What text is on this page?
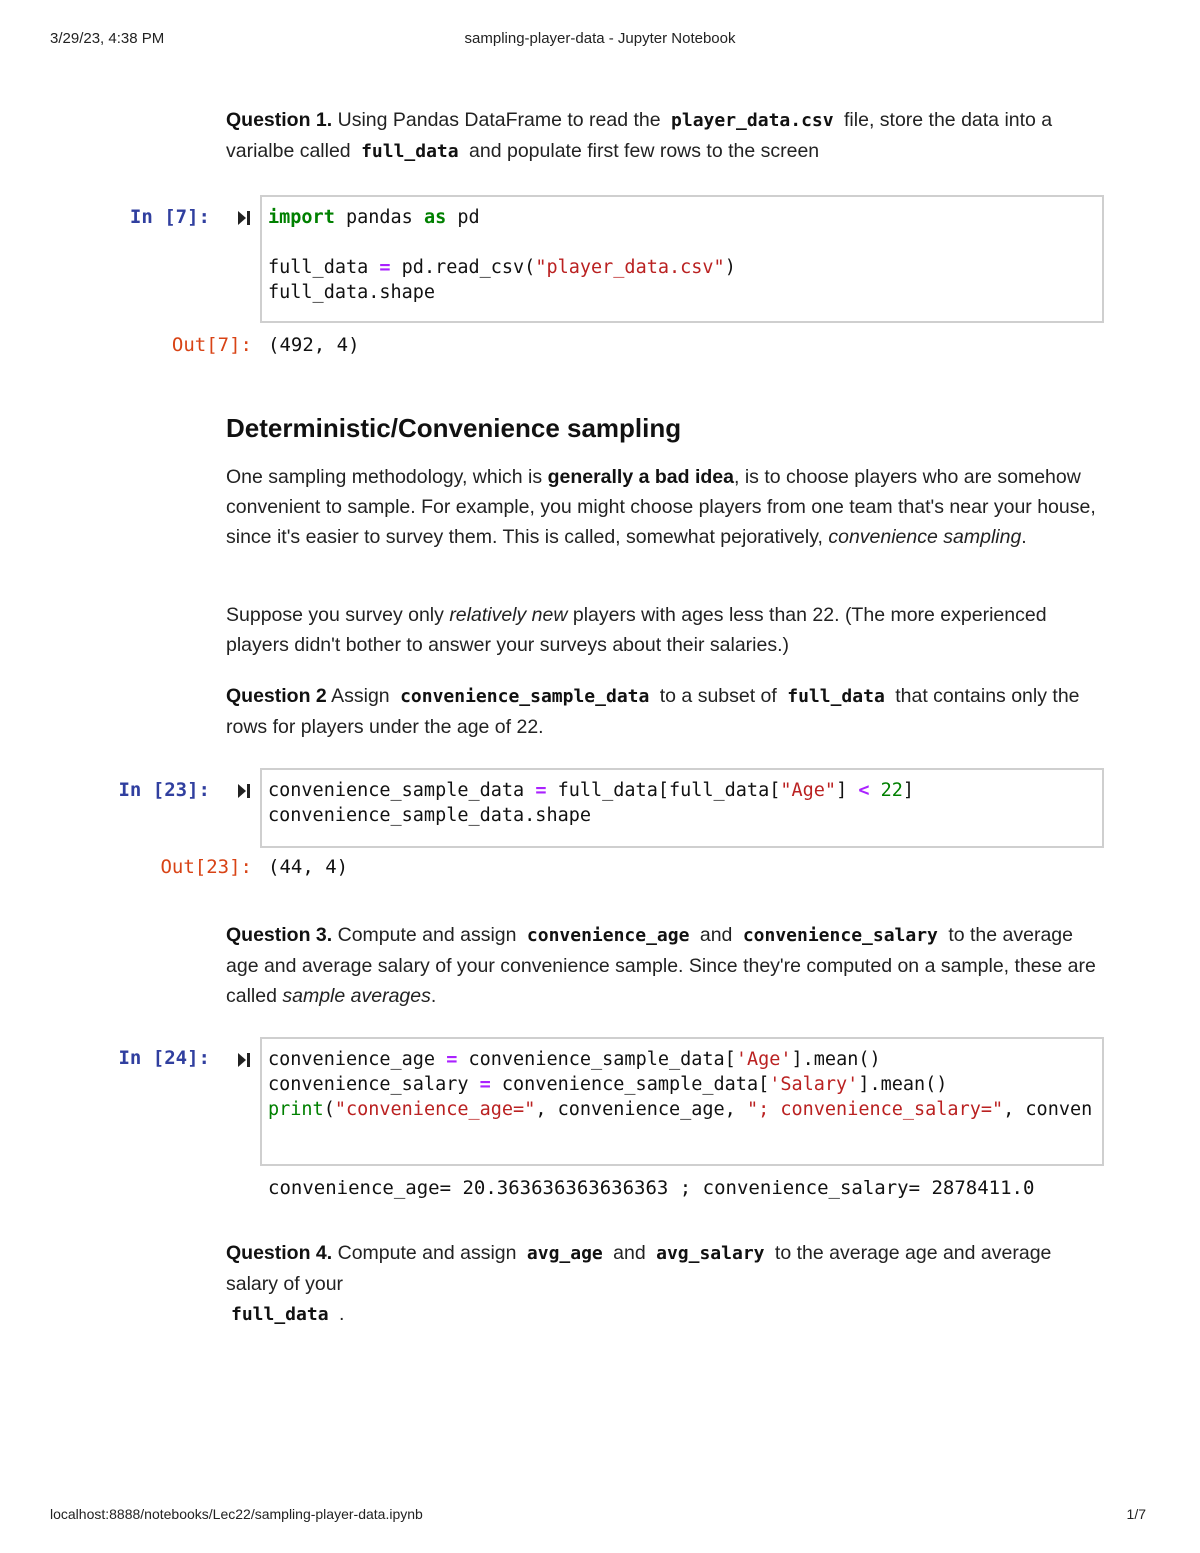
3/29/23, 4:38 PM	sampling-player-data - Jupyter Notebook

Question 1. Using Pandas DataFrame to read the player_data.csv file, store the data into a varialbe called full_data and populate first few rows to the screen

In [7]:	import pandas as pd

full_data = pd.read_csv("player_data.csv")
full_data.shape
Out[7]: (492, 4)
Deterministic/Convenience sampling

One sampling methodology, which is generally a bad idea, is to choose players who are somehow convenient to sample. For example, you might choose players from one team that's near your house, since it's easier to survey them. This is called, somewhat pejoratively, convenience sampling.

Suppose you survey only relatively new players with ages less than 22. (The more experienced players didn't bother to answer your surveys about their salaries.)

Question 2 Assign convenience_sample_data to a subset of full_data that contains only the rows for players under the age of 22.

In [23]:	convenience_sample_data = full_data[full_data["Age"] < 22]
convenience_sample_data.shape
Out[23]: (44, 4)

Question 3. Compute and assign convenience_age and convenience_salary to the average age and average salary of your convenience sample. Since they're computed on a sample, these are called sample averages.

In [24]:	convenience_age = convenience_sample_data['Age'].mean()
convenience_salary = convenience_sample_data['Salary'].mean()
print("convenience_age=", convenience_age, "; convenience_salary=", conven
convenience_age= 20.363636363636363 ; convenience_salary= 2878411.0

Question 4. Compute and assign avg_age and avg_salary to the average age and average salary of your
full_data .

localhost:8888/notebooks/Lec22/sampling-player-data.ipynb	1/7
